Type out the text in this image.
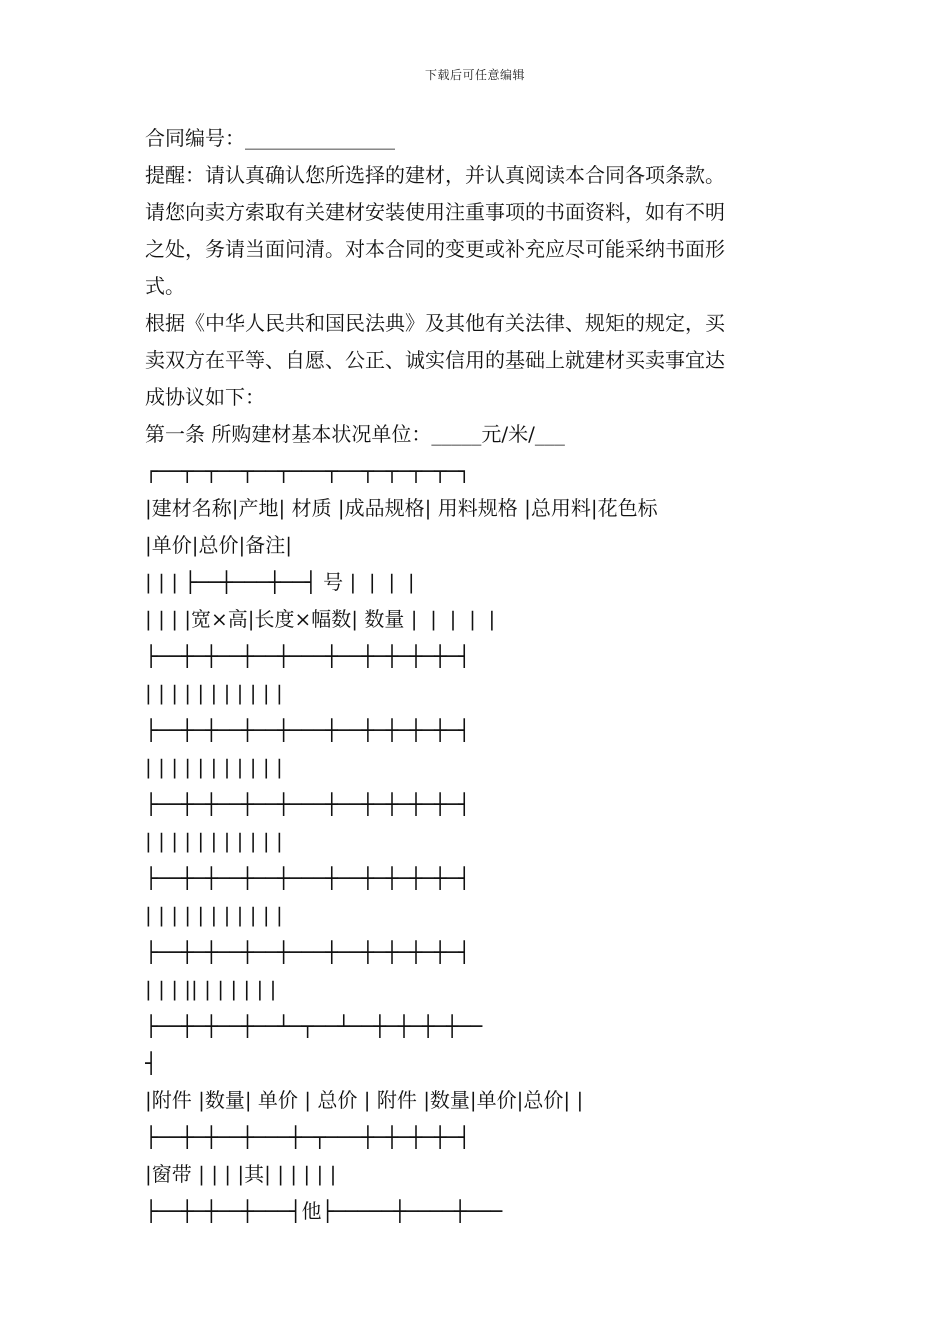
下载后可任意编辑
合同编号：_______________
提醒：请认真确认您所选择的建材，并认真阅读本合同各项条款。
请您向卖方索取有关建材安装使用注重事项的书面资料，如有不明
之处，务请当面问清。对本合同的变更或补充应尽可能采纳书面形
式。
根据《中华人民共和国民法典》及其他有关法律、规矩的规定，买
卖双方在平等、自愿、公正、诚实信用的基础上就建材买卖事宜达
成协议如下：
第一条 所购建材基本状况单位：_____元/米/___
┌──┬─┬──┬──┬───┬──┬─┬─┬─┬─┐
|建材名称|产地| 材质 |成品规格| 用料规格 |总用料|花色标
|单价|总价|备注|
| | | ├──┼───┼──┤ 号 |  |  |  |
| | | |宽×高|长度×幅数| 数量 |  |  |  |  |
├──┼─┼──┼──┼───┼──┼─┼─┼─┼─┤
| | | | | | | | | | |
├──┼─┼──┼──┼───┼──┼─┼─┼─┼─┤
| | | | | | | | | | |
├──┼─┼──┼──┼───┼──┼─┼─┼─┼─┤
| | | | | | | | | | |
├──┼─┼──┼──┼───┼──┼─┼─┼─┼─┤
| | | | | | | | | | |
├──┼─┼──┼──┼───┼──┼─┼─┼─┼─┤
| | | || | | | | | |
├──┼─┼──┼──┴─┬──┴──┼─┼─┼─┼──
┤
|附件 |数量| 单价 | 总价 | 附件 |数量|单价|总价| |
├──┼─┼──┼───┼─┬───┼─┼─┼─┼─┤
|窗带 | | | |其| | | | | |
├──┼─┼──┼───┤他├─────┼────┼───
